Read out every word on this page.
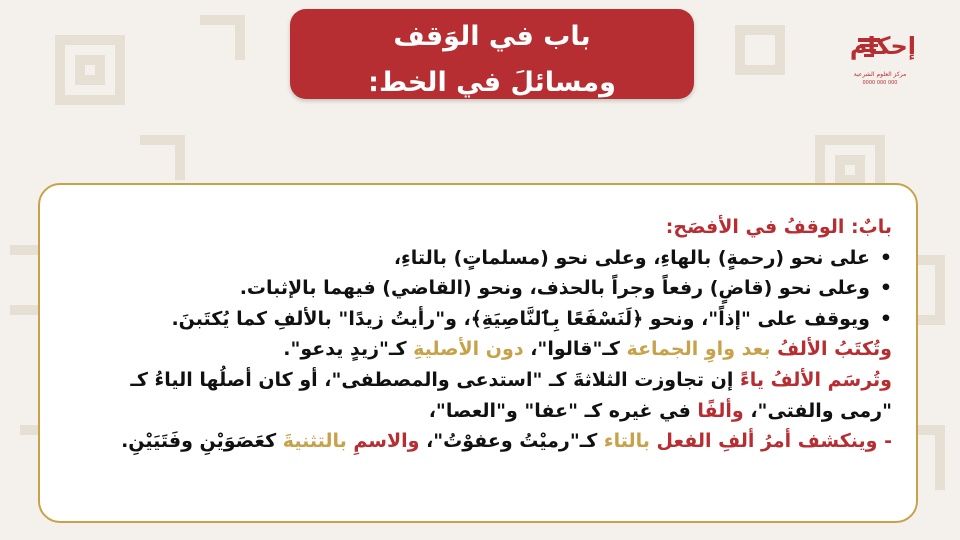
باب في الوَقف
ومسائلَ في الخط:
إحكام
مركز العلوم الشرعية
0000 000 000

بابٌ: الوقفُ في الأفصَح:

•على نحو (رحمةٍ) بالهاءِ، وعلى نحو (مسلماتٍ) بالتاءِ،

•وعلى نحو (قاضٍ) رفعاً وجراً بالحذف، ونحو (القاضي) فيهما بالإثبات.

•ويوقف على "إذاً"، ونحو ﴿لَنَسْفَعًا بِٱلنَّاصِيَةِ﴾، و"رأيتُ زيدًا" بالألفِ كما يُكتَبنَ.

وتُكتَبُ الألفُ بعد واوِ الجماعة كـ"قالوا"، دون الأصليةِ كـ"زيدٍ يدعو".

وتُرسَم الألفُ ياءً إن تجاوزت الثلاثةَ كـ "استدعى والمصطفى"، أو كان أصلُها الياءُ كـ

"رمى والفتى"، وألفًا في غيره كـ "عفا" و"العصا"،

- وينكشف أمرُ ألفِ الفعل بالتاء كـ"رميْتُ وعفوْتُ"، والاسمِ بالتثنيةَ كعَصَوَيْنِ وفَتَيَيْنِ.
